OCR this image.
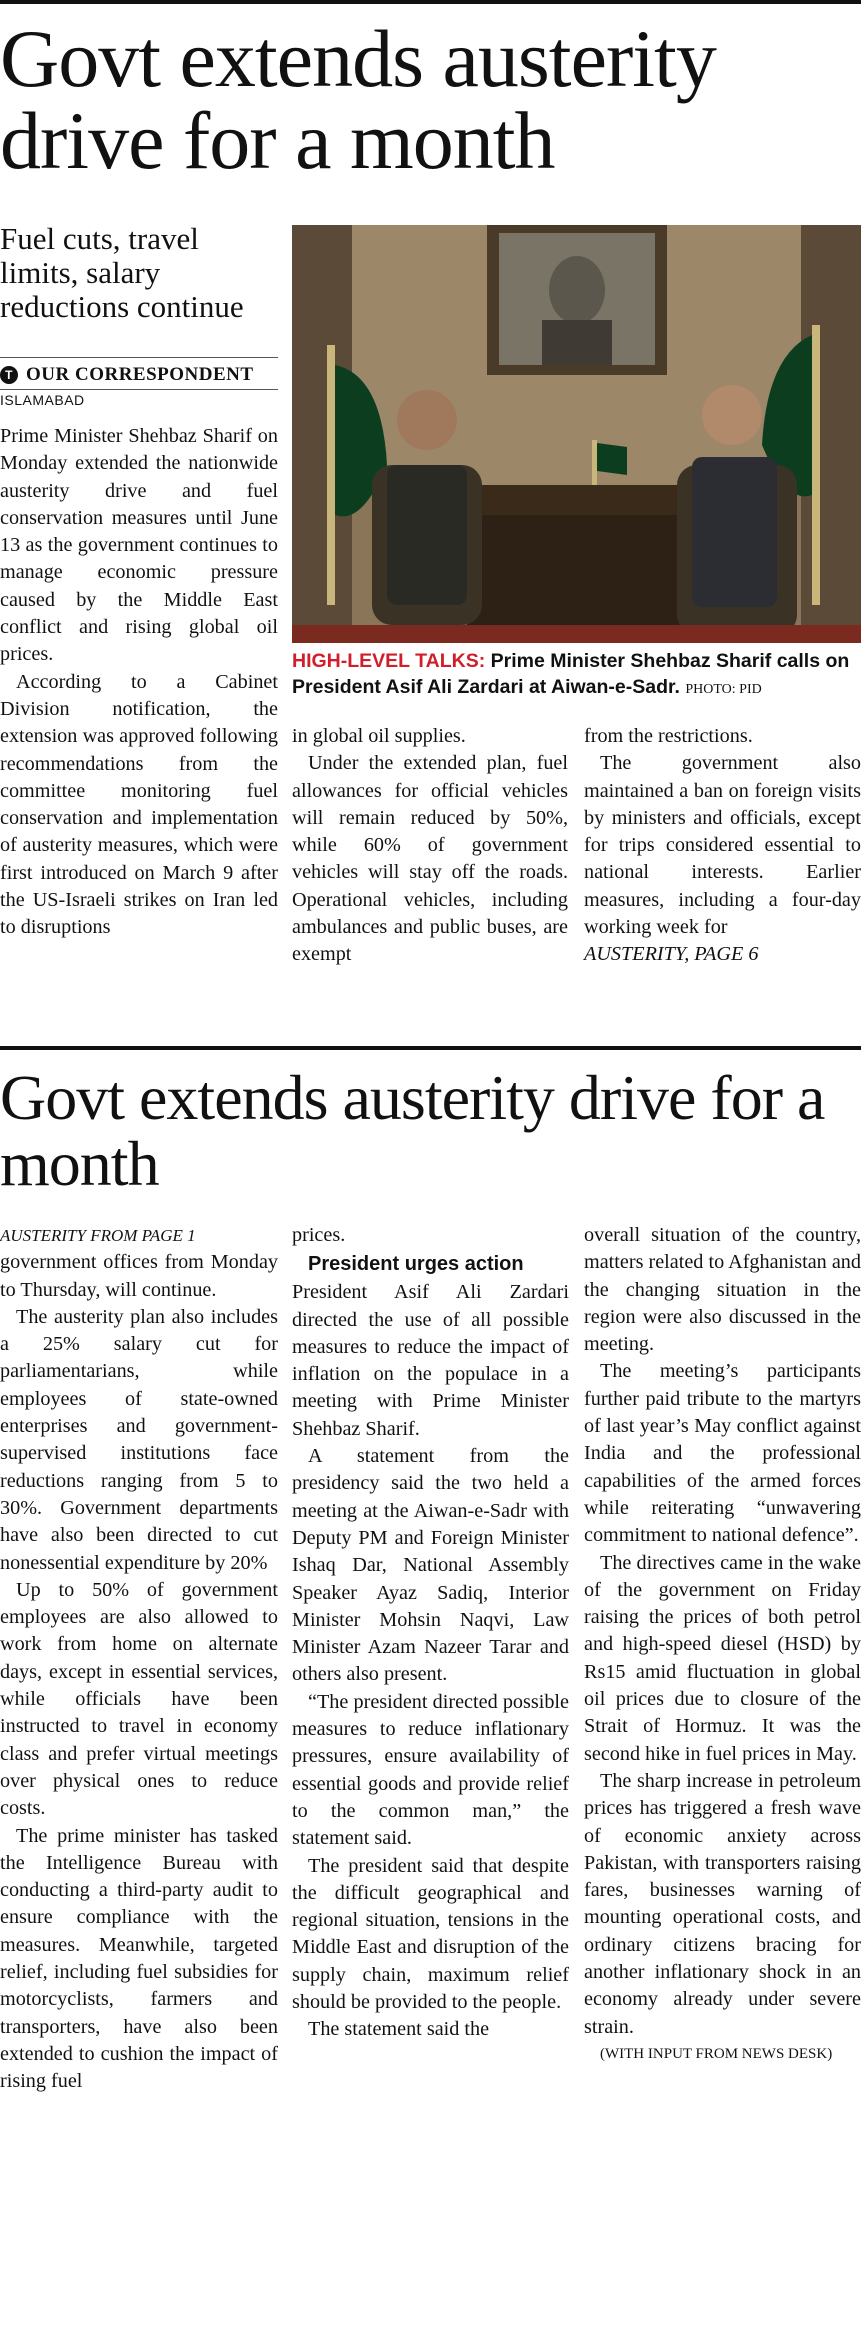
Govt extends austerity drive for a month

Fuel cuts, travel limits, salary reductions continue

T OUR CORRESPONDENT
ISLAMABAD

HIGH-LEVEL TALKS: Prime Minister Shehbaz Sharif calls on President Asif Ali Zardari at Aiwan-e-Sadr. PHOTO: PID

Prime Minister Shehbaz Sharif on Monday extended the nationwide austerity drive and fuel conservation measures until June 13 as the government continues to manage economic pressure caused by the Middle East conflict and rising global oil prices.

According to a Cabinet Division notification, the extension was approved following recommendations from the committee monitoring fuel conservation and implementation of austerity measures, which were first introduced on March 9 after the US-Israeli strikes on Iran led to disruptions

in global oil supplies.

Under the extended plan, fuel allowances for official vehicles will remain reduced by 50%, while 60% of government vehicles will stay off the roads. Operational vehicles, including ambulances and public buses, are exempt

from the restrictions.

The government also maintained a ban on foreign visits by ministers and officials, except for trips considered essential to national interests. Earlier measures, including a four-day working week for

AUSTERITY, PAGE 6

Govt extends austerity drive for a month

AUSTERITY FROM PAGE 1

government offices from Monday to Thursday, will continue.

The austerity plan also includes a 25% salary cut for parliamentarians, while employees of state-owned enterprises and government-supervised institutions face reductions ranging from 5 to 30%. Government departments have also been directed to cut nonessential expenditure by 20%

Up to 50% of government employees are also allowed to work from home on alternate days, except in essential services, while officials have been instructed to travel in economy class and prefer virtual meetings over physical ones to reduce costs.

The prime minister has tasked the Intelligence Bureau with conducting a third-party audit to ensure compliance with the measures. Meanwhile, targeted relief, including fuel subsidies for motorcyclists, farmers and transporters, have also been extended to cushion the impact of rising fuel

prices.

President urges action

President Asif Ali Zardari directed the use of all possible measures to reduce the impact of inflation on the populace in a meeting with Prime Minister Shehbaz Sharif.

A statement from the presidency said the two held a meeting at the Aiwan-e-Sadr with Deputy PM and Foreign Minister Ishaq Dar, National Assembly Speaker Ayaz Sadiq, Interior Minister Mohsin Naqvi, Law Minister Azam Nazeer Tarar and others also present.

“The president directed possible measures to reduce inflationary pressures, ensure availability of essential goods and provide relief to the common man,” the statement said.

The president said that despite the difficult geographical and regional situation, tensions in the Middle East and disruption of the supply chain, maximum relief should be provided to the people.

The statement said the

overall situation of the country, matters related to Afghanistan and the changing situation in the region were also discussed in the meeting.

The meeting’s participants further paid tribute to the martyrs of last year’s May conflict against India and the professional capabilities of the armed forces while reiterating “unwavering commitment to national defence”.

The directives came in the wake of the government on Friday raising the prices of both petrol and high-speed diesel (HSD) by Rs15 amid fluctuation in global oil prices due to closure of the Strait of Hormuz. It was the second hike in fuel prices in May.

The sharp increase in petroleum prices has triggered a fresh wave of economic anxiety across Pakistan, with transporters raising fares, businesses warning of mounting operational costs, and ordinary citizens bracing for another inflationary shock in an economy already under severe strain.

(WITH INPUT FROM NEWS DESK)
